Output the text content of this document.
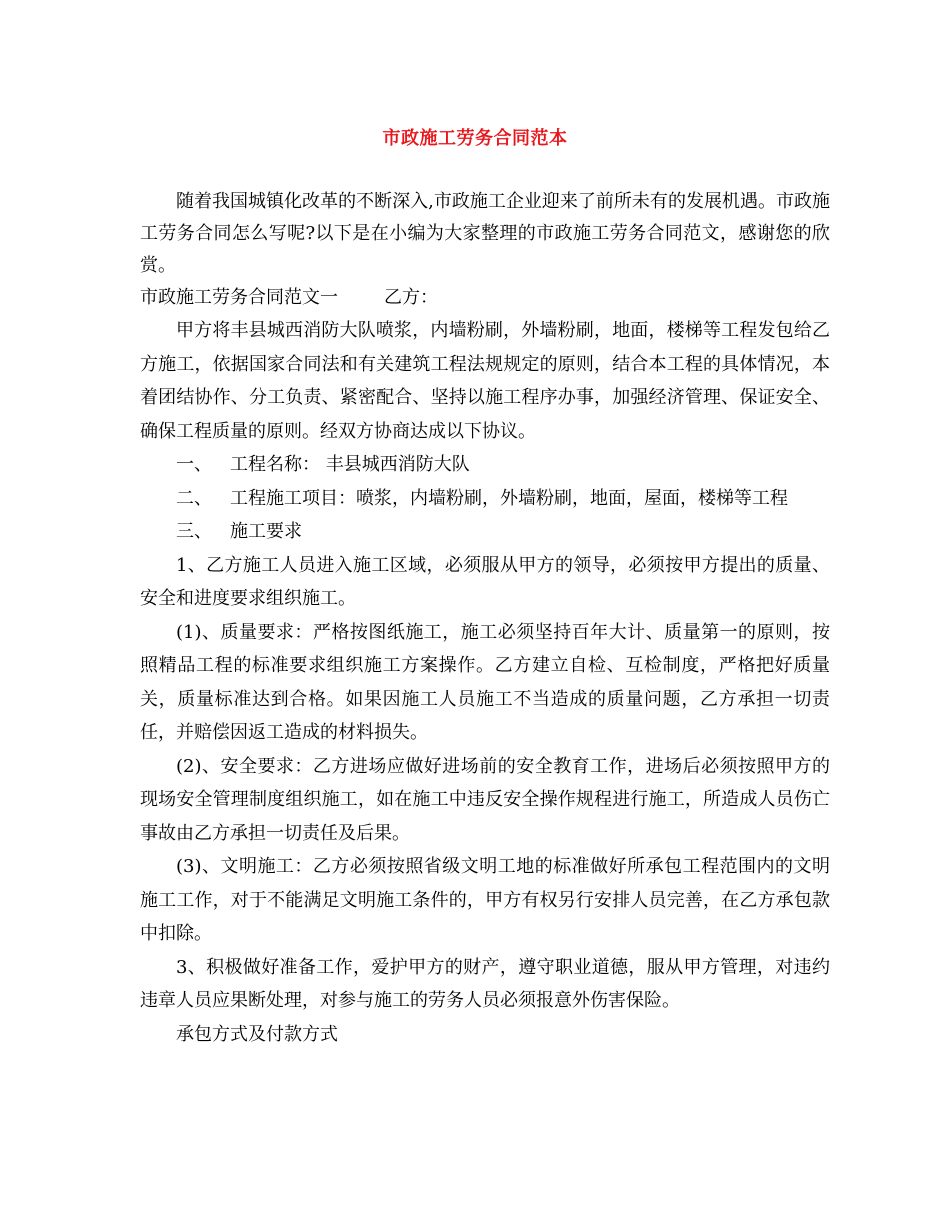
市政施工劳务合同范本

随着我国城镇化改革的不断深入,市政施工企业迎来了前所未有的发展机遇。市政施工劳务合同怎么写呢?以下是在小编为大家整理的市政施工劳务合同范文，感谢您的欣赏。

市政施工劳务合同范文一	乙方：

甲方将丰县城西消防大队喷浆，内墙粉刷，外墙粉刷，地面，楼梯等工程发包给乙方施工，依据国家合同法和有关建筑工程法规规定的原则，结合本工程的具体情况，本着团结协作、分工负责、紧密配合、坚持以施工程序办事，加强经济管理、保证安全、确保工程质量的原则。经双方协商达成以下协议。

一、 工程名称： 丰县城西消防大队

二、 工程施工项目：喷浆，内墙粉刷，外墙粉刷，地面，屋面，楼梯等工程

三、 施工要求

1、乙方施工人员进入施工区域，必须服从甲方的领导，必须按甲方提出的质量、安全和进度要求组织施工。

(1)、质量要求：严格按图纸施工，施工必须坚持百年大计、质量第一的原则，按照精品工程的标准要求组织施工方案操作。乙方建立自检、互检制度，严格把好质量关，质量标准达到合格。如果因施工人员施工不当造成的质量问题，乙方承担一切责任，并赔偿因返工造成的材料损失。

(2)、安全要求：乙方进场应做好进场前的安全教育工作，进场后必须按照甲方的现场安全管理制度组织施工，如在施工中违反安全操作规程进行施工，所造成人员伤亡事故由乙方承担一切责任及后果。

(3)、文明施工：乙方必须按照省级文明工地的标准做好所承包工程范围内的文明施工工作，对于不能满足文明施工条件的，甲方有权另行安排人员完善，在乙方承包款中扣除。

3、积极做好准备工作，爱护甲方的财产，遵守职业道德，服从甲方管理，对违约违章人员应果断处理，对参与施工的劳务人员必须报意外伤害保险。

承包方式及付款方式
